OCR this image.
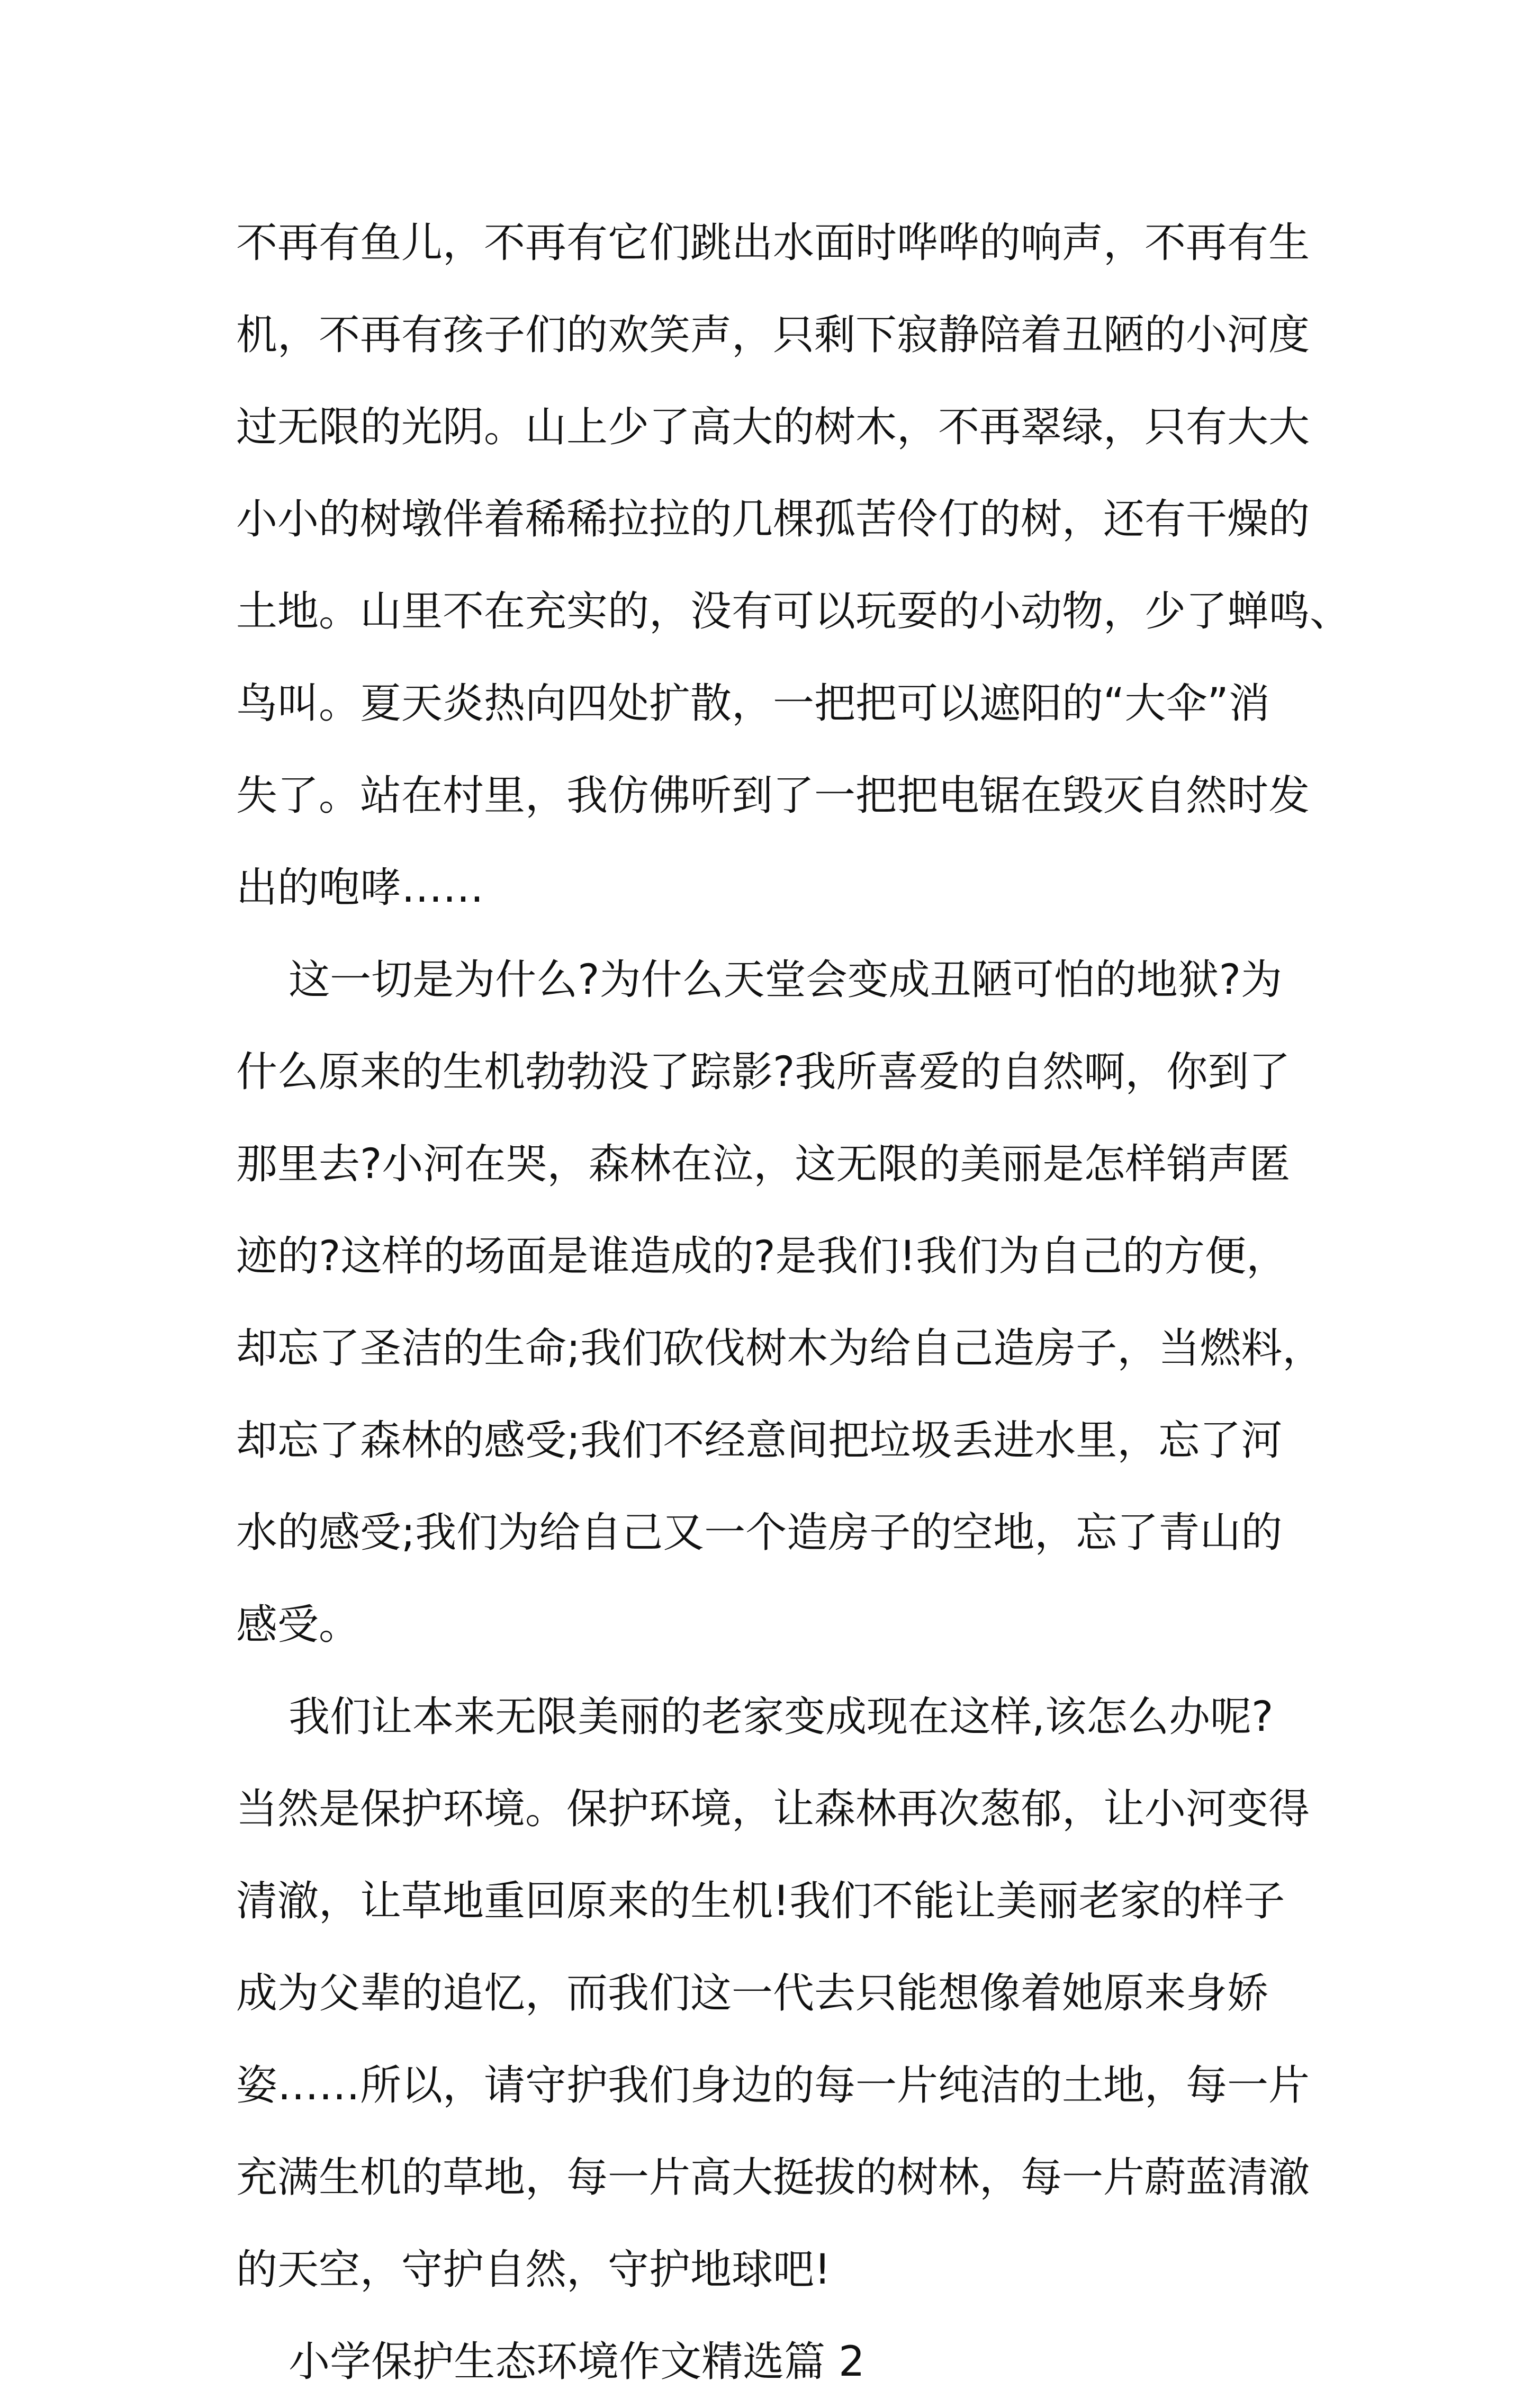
不再有鱼儿，不再有它们跳出水面时哗哗的响声，不再有生
机，不再有孩子们的欢笑声，只剩下寂静陪着丑陋的小河度
过无限的光阴。山上少了高大的树木，不再翠绿，只有大大
小小的树墩伴着稀稀拉拉的几棵孤苦伶仃的树，还有干燥的
土地。山里不在充实的，没有可以玩耍的小动物，少了蝉鸣、
鸟叫。夏天炎热向四处扩散，一把把可以遮阳的“大伞”消
失了。站在村里，我仿佛听到了一把把电锯在毁灭自然时发
出的咆哮……
这一切是为什么?为什么天堂会变成丑陋可怕的地狱?为
什么原来的生机勃勃没了踪影?我所喜爱的自然啊，你到了
那里去?小河在哭，森林在泣，这无限的美丽是怎样销声匿
迹的?这样的场面是谁造成的?是我们!我们为自己的方便，
却忘了圣洁的生命;我们砍伐树木为给自己造房子，当燃料，
却忘了森林的感受;我们不经意间把垃圾丢进水里，忘了河
水的感受;我们为给自己又一个造房子的空地，忘了青山的
感受。
我们让本来无限美丽的老家变成现在这样,该怎么办呢?
当然是保护环境。保护环境，让森林再次葱郁，让小河变得
清澈，让草地重回原来的生机!我们不能让美丽老家的样子
成为父辈的追忆，而我们这一代去只能想像着她原来身娇
姿……所以，请守护我们身边的每一片纯洁的土地，每一片
充满生机的草地，每一片高大挺拔的树林，每一片蔚蓝清澈
的天空，守护自然，守护地球吧!
小学保护生态环境作文精选篇 2
